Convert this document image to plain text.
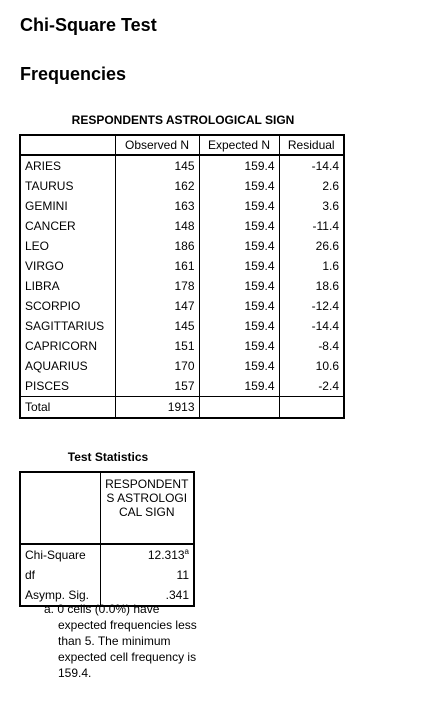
Chi-Square Test
Frequencies
RESPONDENTS ASTROLOGICAL SIGN
	Observed N	Expected N	Residual
ARIES	145	159.4	-14.4
TAURUS	162	159.4	2.6
GEMINI	163	159.4	3.6
CANCER	148	159.4	-11.4
LEO	186	159.4	26.6
VIRGO	161	159.4	1.6
LIBRA	178	159.4	18.6
SCORPIO	147	159.4	-12.4
SAGITTARIUS	145	159.4	-14.4
CAPRICORN	151	159.4	-8.4
AQUARIUS	170	159.4	10.6
PISCES	157	159.4	-2.4
Total	1913		
Test Statistics
	RESPONDENTS ASTROLOGICAL SIGN
Chi-Square	12.313$^a$
df	11
Asymp. Sig.	.341
a. 0 cells (0.0%) have expected frequencies less than 5. The minimum expected cell frequency is 159.4.
